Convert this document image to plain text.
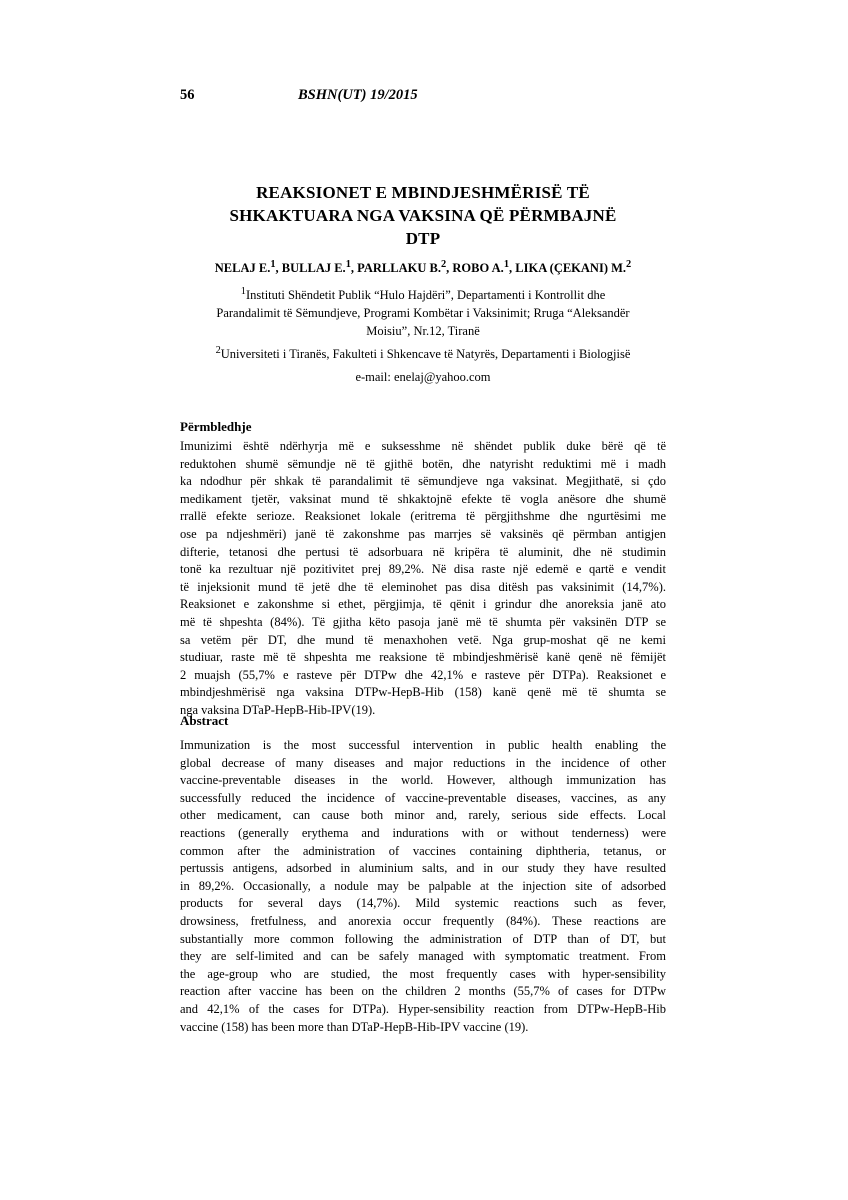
56	BSHN(UT) 19/2015
REAKSIONET E MBINDJESHMËRISË TË
SHKAKTUARA NGA VAKSINA QË PËRMBAJNË
DTP
NELAJ E.$^1$, BULLAJ E.$^1$, PARLLAKU B.$^2$, ROBO A.$^1$, LIKA (ÇEKANI) M.$^2$
$^1$Instituti Shëndetit Publik “Hulo Hajdëri”, Departamenti i Kontrollit dhe
Parandalimit të Sëmundjeve, Programi Kombëtar i Vaksinimit; Rruga “Aleksandër
Moisiu”, Nr.12, Tiranë
$^2$Universiteti i Tiranës, Fakulteti i Shkencave të Natyrës, Departamenti i Biologjisë
e-mail: enelaj@yahoo.com
Përmbledhje
Imunizimi është ndërhyrja më e suksesshme në shëndet publik duke bërë që të
reduktohen shumë sëmundje në të gjithë botën, dhe natyrisht reduktimi më i madh
ka ndodhur për shkak të parandalimit të sëmundjeve nga vaksinat. Megjithatë, si çdo
medikament tjetër, vaksinat mund të shkaktojnë efekte të vogla anësore dhe shumë
rrallë efekte serioze. Reaksionet lokale (eritrema të përgjithshme dhe ngurtësimi me
ose pa ndjeshmëri) janë të zakonshme pas marrjes së vaksinës që përmban antigjen
difterie, tetanosi dhe pertusi të adsorbuara në kripëra të aluminit, dhe në studimin
tonë ka rezultuar një pozitivitet prej 89,2%. Në disa raste një edemë e qartë e vendit
të injeksionit mund të jetë dhe të eleminohet pas disa ditësh pas vaksinimit (14,7%).
Reaksionet e zakonshme si ethet, përgjimja, të qënit i grindur dhe anoreksia janë ato
më të shpeshta (84%). Të gjitha këto pasoja janë më të shumta për vaksinën DTP se
sa vetëm për DT, dhe mund të menaxhohen vetë. Nga grup-moshat që ne kemi
studiuar, raste më të shpeshta me reaksione të mbindjeshmërisë kanë qenë në fëmijët
2 muajsh (55,7% e rasteve për DTPw dhe 42,1% e rasteve për DTPa). Reaksionet e
mbindjeshmërisë nga vaksina DTPw-HepB-Hib (158) kanë qenë më të shumta se
nga vaksina DTaP-HepB-Hib-IPV(19).
Abstract
Immunization is the most successful intervention in public health enabling the
global decrease of many diseases and major reductions in the incidence of other
vaccine-preventable diseases in the world. However, although immunization has
successfully reduced the incidence of vaccine-preventable diseases, vaccines, as any
other medicament, can cause both minor and, rarely, serious side effects. Local
reactions (generally erythema and indurations with or without tenderness) were
common after the administration of vaccines containing diphtheria, tetanus, or
pertussis antigens, adsorbed in aluminium salts, and in our study they have resulted
in 89,2%. Occasionally, a nodule may be palpable at the injection site of adsorbed
products for several days (14,7%). Mild systemic reactions such as fever,
drowsiness, fretfulness, and anorexia occur frequently (84%). These reactions are
substantially more common following the administration of DTP than of DT, but
they are self-limited and can be safely managed with symptomatic treatment. From
the age-group who are studied, the most frequently cases with hyper-sensibility
reaction after vaccine has been on the children 2 months (55,7% of cases for DTPw
and 42,1% of the cases for DTPa). Hyper-sensibility reaction from DTPw-HepB-Hib
vaccine (158) has been more than DTaP-HepB-Hib-IPV vaccine (19).
